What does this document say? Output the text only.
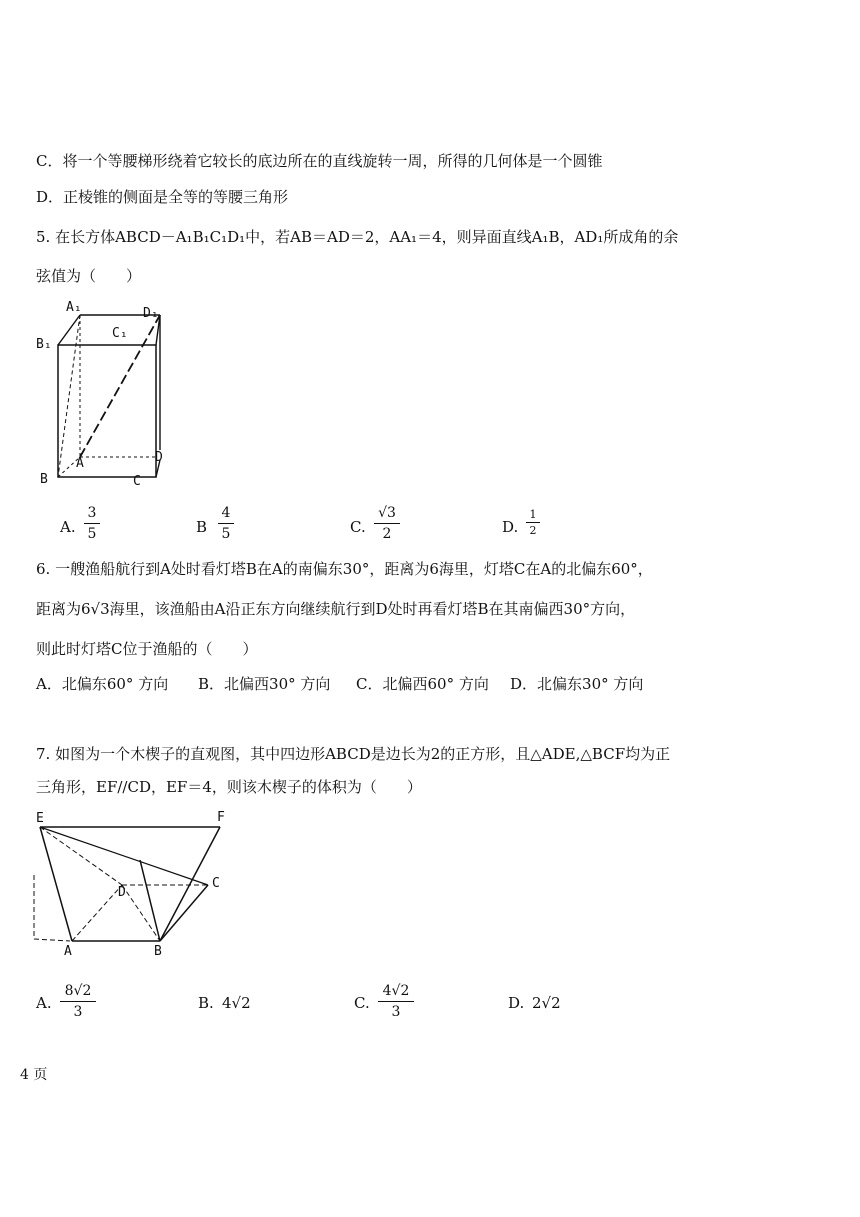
C．将一个等腰梯形绕着它较长的底边所在的直线旋转一周，所得的几何体是一个圆锥
D．正棱锥的侧面是全等的等腰三角形
5. 在长方体ABCD－A₁B₁C₁D₁中，若AB＝AD＝2，AA₁＝4，则异面直线A₁B，AD₁所成角的余
弦值为（　　）
A₁	D₁
B₁
C₁
A
B	C
D
A.
3
5	B
4
5	C.
√3
2	D.
1
2
6. 一艘渔船航行到A处时看灯塔B在A的南偏东30°，距离为6海里，灯塔C在A的北偏东60°，
距离为6√3海里，该渔船由A沿正东方向继续航行到D处时再看灯塔B在其南偏西30°方向，
则此时灯塔C位于渔船的（　　）
A．北偏东60° 方向 B．北偏西30° 方向 C．北偏西60° 方向 D．北偏东30° 方向
7. 如图为一个木楔子的直观图，其中四边形ABCD是边长为2的正方形，且△ADE,△BCF均为正
三角形，EF//CD，EF＝4，则该木楔子的体积为（　　）
E	F
D
C
A	B
A.
8√2
3	B. 4√2	C.
4√2
3	D. 2√2
4 页
